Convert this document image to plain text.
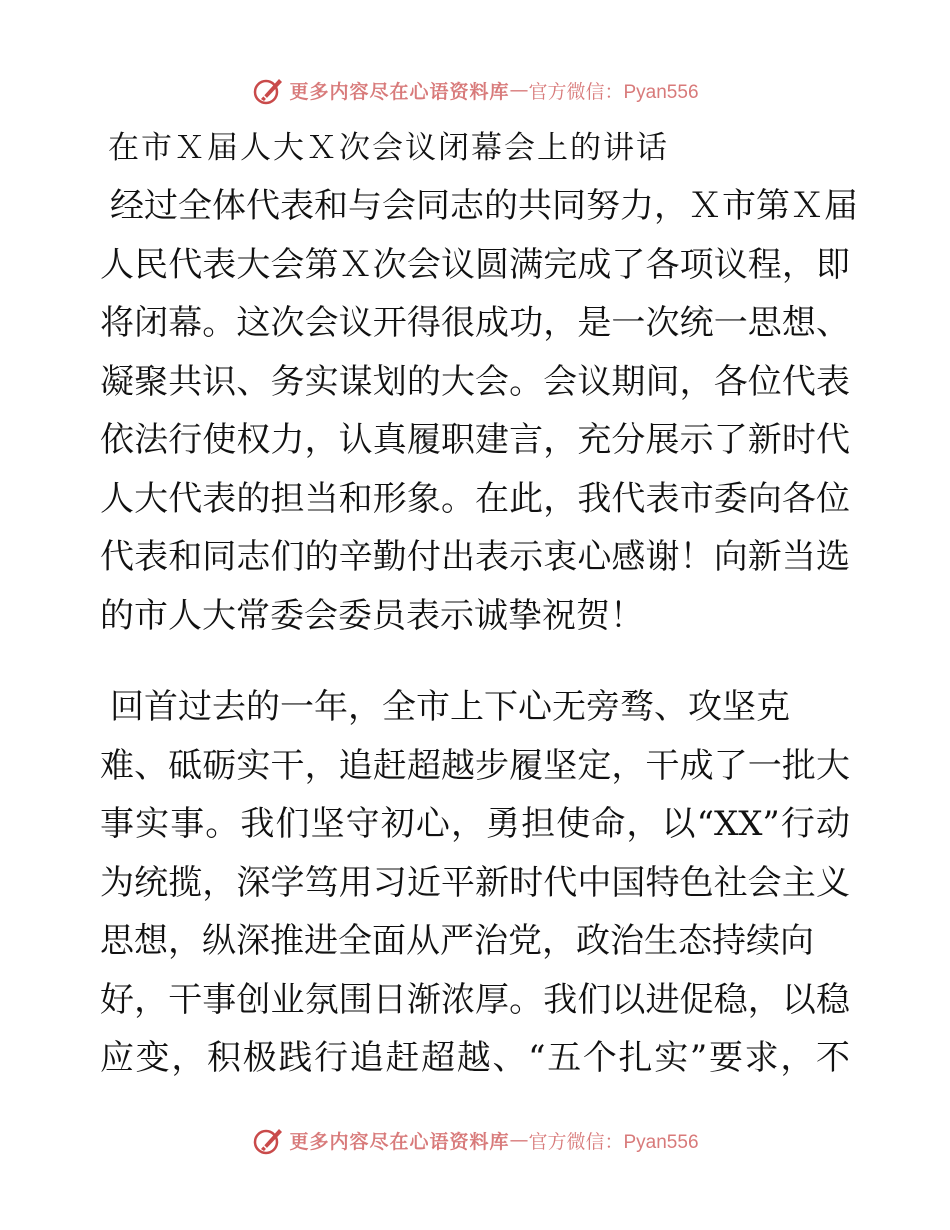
更多内容尽在心语资料库 — 官方微信：Pyan556
在市Ｘ届人大Ｘ次会议闭幕会上的讲话
经过全体代表和与会同志的共同努力，Ｘ市第Ｘ届
人民代表大会第Ｘ次会议圆满完成了各项议程，即
将闭幕。这次会议开得很成功，是一次统一思想、
凝聚共识、务实谋划的大会。会议期间，各位代表
依法行使权力，认真履职建言，充分展示了新时代
人大代表的担当和形象。在此，我代表市委向各位
代表和同志们的辛勤付出表示衷心感谢！向新当选
的市人大常委会委员表示诚挚祝贺！
回首过去的一年，全市上下心无旁骛、攻坚克
难、砥砺实干，追赶超越步履坚定，干成了一批大
事实事。我们坚守初心，勇担使命，以“XX”行动
为统揽，深学笃用习近平新时代中国特色社会主义
思想，纵深推进全面从严治党，政治生态持续向
好，干事创业氛围日渐浓厚。我们以进促稳，以稳
应变，积极践行追赶超越、“五个扎实”要求，不
更多内容尽在心语资料库 — 官方微信：Pyan556
